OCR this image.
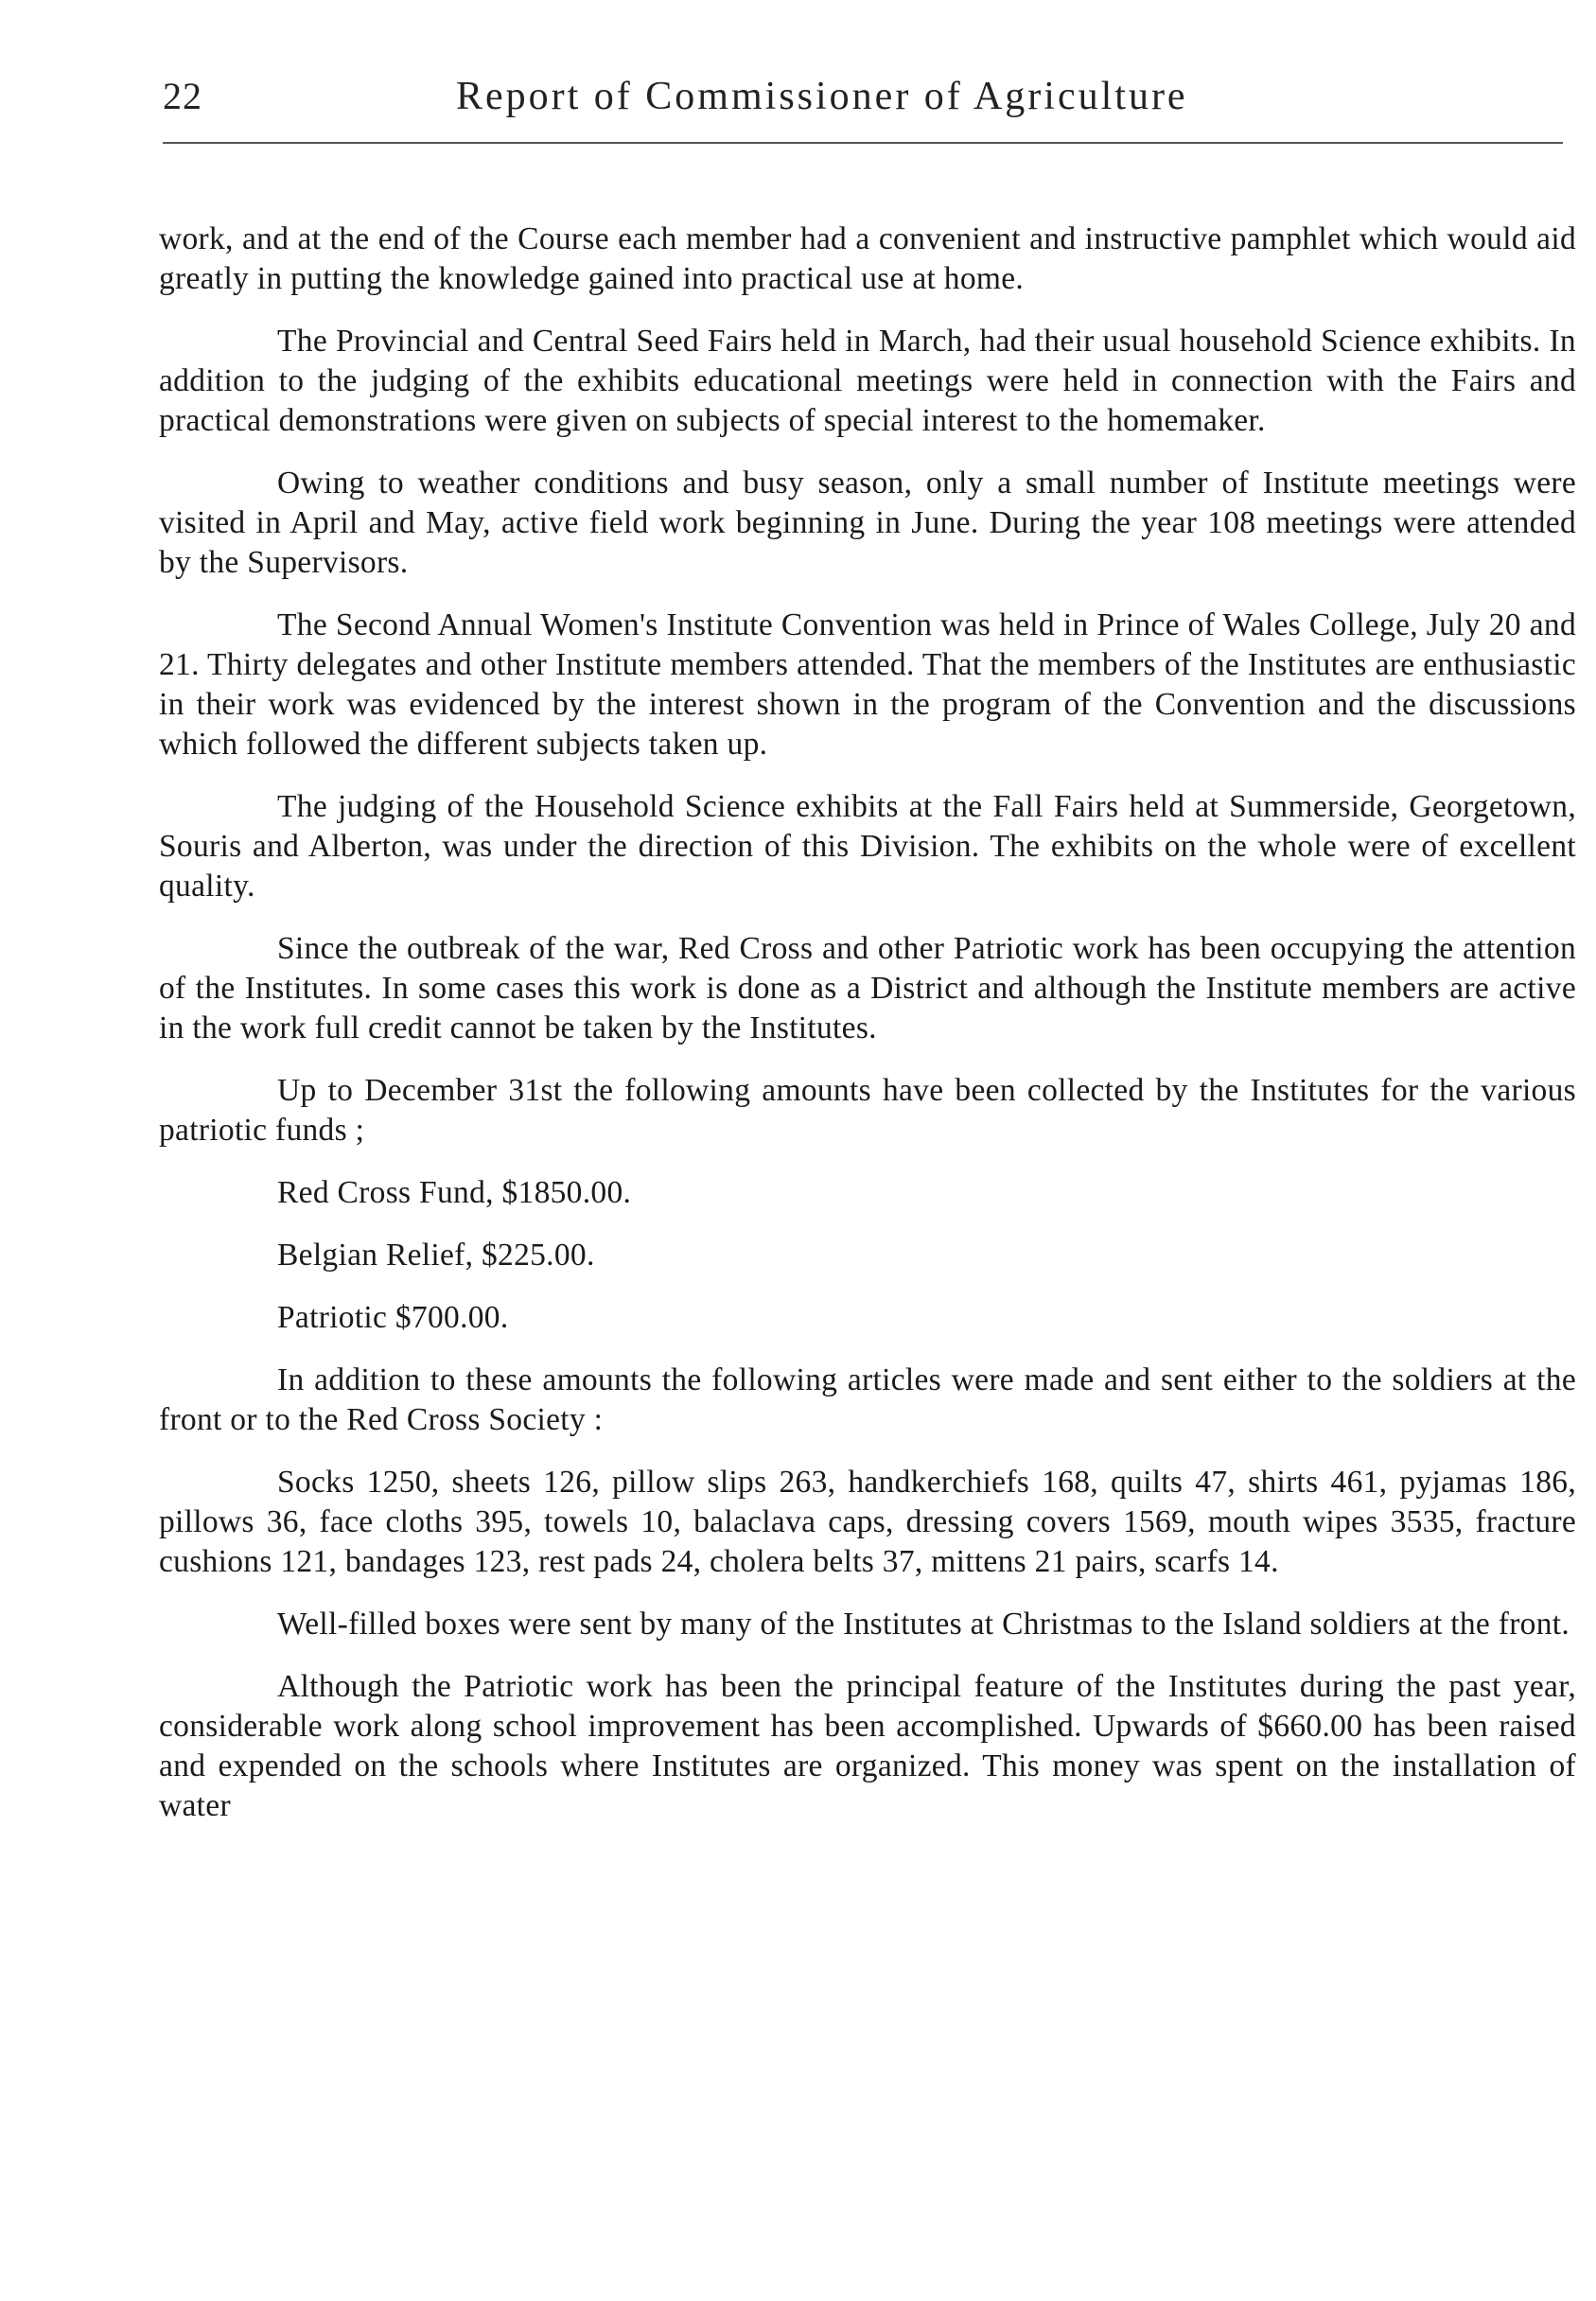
22	Report of Commissioner of Agriculture

work, and at the end of the Course each member had a convenient and instructive pamphlet which would aid greatly in putting the knowledge gained into practical use at home.

The Provincial and Central Seed Fairs held in March, had their usual household Science exhibits. In addition to the judging of the exhibits educational meetings were held in connection with the Fairs and practical demonstrations were given on subjects of special interest to the homemaker.

Owing to weather conditions and busy season, only a small number of Institute meetings were visited in April and May, active field work beginning in June. During the year 108 meetings were attended by the Supervisors.

The Second Annual Women's Institute Convention was held in Prince of Wales College, July 20 and 21. Thirty delegates and other Institute members attended. That the members of the Institutes are enthusiastic in their work was evidenced by the interest shown in the program of the Convention and the discussions which followed the different subjects taken up.

The judging of the Household Science exhibits at the Fall Fairs held at Summerside, Georgetown, Souris and Alberton, was under the direction of this Division. The exhibits on the whole were of excellent quality.

Since the outbreak of the war, Red Cross and other Patriotic work has been occupying the attention of the Institutes. In some cases this work is done as a District and although the Institute members are active in the work full credit cannot be taken by the Institutes.

Up to December 31st the following amounts have been collected by the Institutes for the various patriotic funds ;

Red Cross Fund, $1850.00.

Belgian Relief, $225.00.

Patriotic $700.00.

In addition to these amounts the following articles were made and sent either to the soldiers at the front or to the Red Cross Society :

Socks 1250, sheets 126, pillow slips 263, handkerchiefs 168, quilts 47, shirts 461, pyjamas 186, pillows 36, face cloths 395, towels 10, balaclava caps, dressing covers 1569, mouth wipes 3535, fracture cushions 121, bandages 123, rest pads 24, cholera belts 37, mittens 21 pairs, scarfs 14.

Well-filled boxes were sent by many of the Institutes at Christmas to the Island soldiers at the front.

Although the Patriotic work has been the principal feature of the Institutes during the past year, considerable work along school improvement has been accomplished. Upwards of $660.00 has been raised and expended on the schools where Institutes are organized. This money was spent on the installation of water
